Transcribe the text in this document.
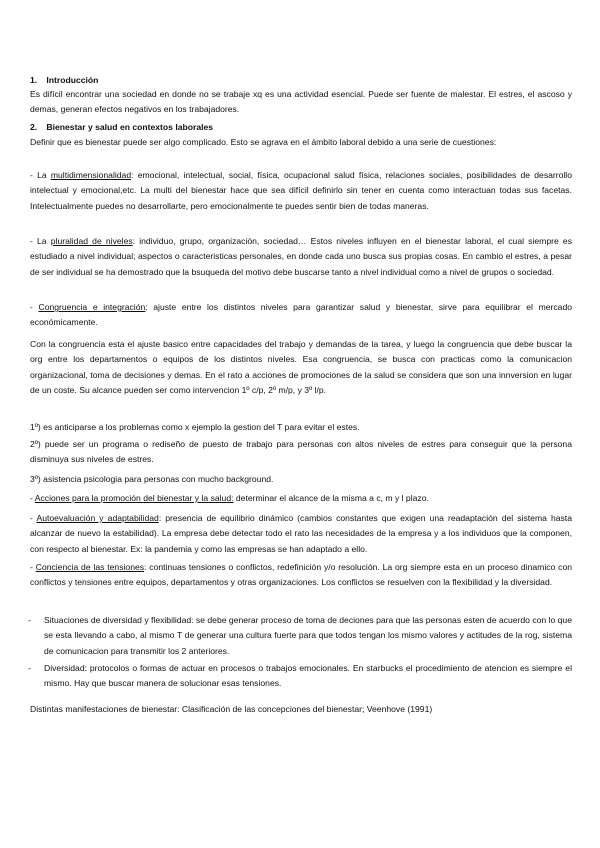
1. Introducción

Es difícil encontrar una sociedad en donde no se trabaje xq es una actividad esencial. Puede ser fuente de malestar. El estres, el ascoso y demas, generan efectos negativos en los trabajadores.

2. Bienestar y salud en contextos laborales

Definir que es bienestar puede ser algo complicado. Esto se agrava en el ámbito laboral debido a una serie de cuestiones:

- La multidimensionalidad: emocional, intelectual, social, física, ocupacional salud física, relaciones sociales, posibilidades de desarrollo intelectual y emocional,etc. La multi del bienestar hace que sea difícil definirlo sin tener en cuenta como interactuan todas sus facetas. Intelectualmente puedes no desarrollarte, pero emocionalmente te puedes sentir bien de todas maneras.

- La pluralidad de niveles: individuo, grupo, organización, sociedad… Estos niveles influyen en el bienestar laboral, el cual siempre es estudiado a nivel individual; aspectos o caracteristicas personales, en donde cada uno busca sus propias cosas. En cambio el estres, a pesar de ser individual se ha demostrado que la bsuqueda del motivo debe buscarse tanto a nivel individual como a nivel de grupos o sociedad.

- Congruencia e integración: ajuste entre los distintos niveles para garantizar salud y bienestar, sirve para equilibrar el mercado económicamente.

Con la congruencia esta el ajuste basico entre capacidades del trabajo y demandas de la tarea, y luego la congruencia que debe buscar la org entre los departamentos o equipos de los distintos niveles. Esa congruencia, se busca con practicas como la comunicacion organizacional, toma de decisiones y demas. En el rato a acciones de promociones de la salud se considera que son una innversion en lugar de un coste. Su alcance pueden ser como intervencion 1º c/p, 2º m/p, y 3º l/p.

1º) es anticiparse a los problemas como x ejemplo la gestion del T para evitar el estes.

2º) puede ser un programa o rediseño de puesto de trabajo para personas con altos niveles de estres para conseguir que la persona disminuya sus niveles de estres.

3º) asistencia psicologia para personas con mucho background.

- Acciones para la promoción del bienestar y la salud: determinar el alcance de la misma a c, m y l plazo.

- Autoevaluación y adaptabilidad: presencia de equilibrio dinámico (cambios constantes que exigen una readaptación del sistema hasta alcanzar de nuevo la estabilidad). La empresa debe detectar todo el rato las necesidades de la empresa y a los individuos que la componen, con respecto al bienestar. Ex: la pandemia y como las empresas se han adaptado a ello.

- Conciencia de las tensiones: continuas tensiones o conflictos, redefinición y/o resolución. La org siempre esta en un proceso dinamico con conflictos y tensiones entre equipos, departamentos y otras organizaciones. Los conflictos se resuelven con la flexibilidad y la diversidad.

-	Situaciones de diversidad y flexibilidad: se debe generar proceso de toma de deciones para que las personas esten de acuerdo con lo que se esta llevando a cabo, al mismo T de generar una cultura fuerte para que todos tengan los mismo valores y actitudes de la rog, sistema de comunicacion para transmitir los 2 anteriores.
-	Diversidad: protocolos o formas de actuar en procesos o trabajos emocionales. En starbucks el procedimiento de atencion es siempre el mismo. Hay que buscar manera de solucionar esas tensiones.

Distintas manifestaciones de bienestar: Clasificación de las concepciones del bienestar; Veenhove (1991)
